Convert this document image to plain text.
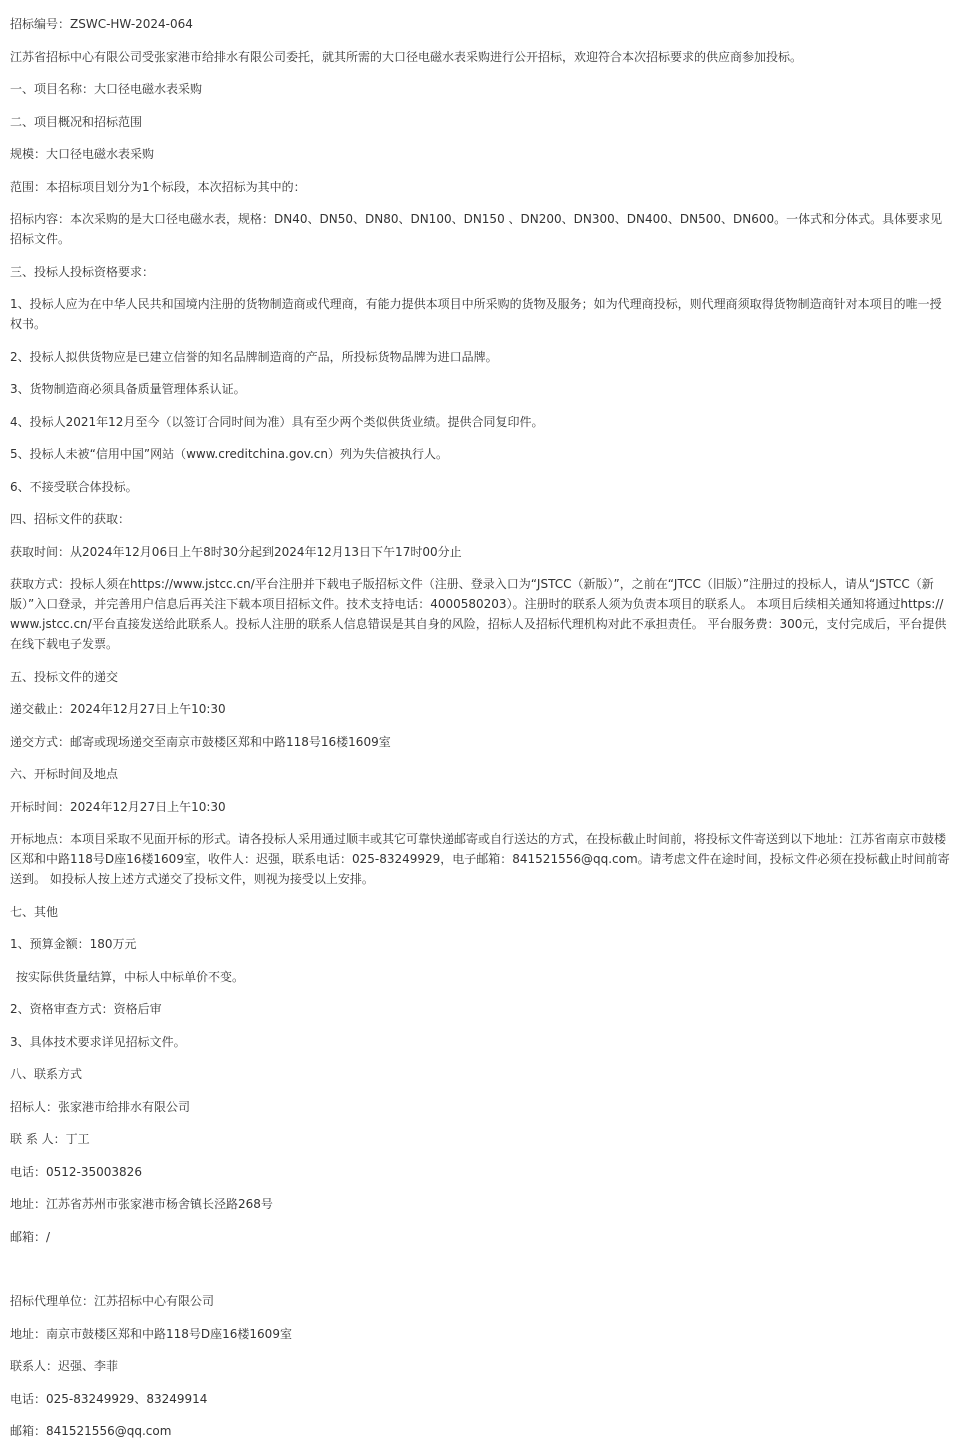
招标编号：ZSWC-HW-2024-064

江苏省招标中心有限公司受张家港市给排水有限公司委托，就其所需的大口径电磁水表采购进行公开招标，欢迎符合本次招标要求的供应商参加投标。

一、项目名称：大口径电磁水表采购

二、项目概况和招标范围

规模：大口径电磁水表采购

范围：本招标项目划分为1个标段，本次招标为其中的：

招标内容：本次采购的是大口径电磁水表，规格：DN40、DN50、DN80、DN100、DN150 、DN200、DN300、DN400、DN500、DN600。一体式和分体式。具体要求见招标文件。

三、投标人投标资格要求：

1、投标人应为在中华人民共和国境内注册的货物制造商或代理商，有能力提供本项目中所采购的货物及服务；如为代理商投标，则代理商须取得货物制造商针对本项目的唯一授权书。

2、投标人拟供货物应是已建立信誉的知名品牌制造商的产品，所投标货物品牌为进口品牌。

3、货物制造商必须具备质量管理体系认证。

4、投标人2021年12月至今（以签订合同时间为准）具有至少两个类似供货业绩。提供合同复印件。

5、投标人未被“信用中国”网站（www.creditchina.gov.cn）列为失信被执行人。

6、不接受联合体投标。

四、招标文件的获取：

获取时间：从2024年12月06日上午8时30分起到2024年12月13日下午17时00分止

获取方式：投标人须在https://www.jstcc.cn/平台注册并下载电子版招标文件（注册、登录入口为“JSTCC（新版）”，之前在“JTCC（旧版）”注册过的投标人，请从“JSTCC（新版）”入口登录，并完善用户信息后再关注下载本项目招标文件。技术支持电话：4000580203）。注册时的联系人须为负责本项目的联系人。 本项目后续相关通知将通过https://www.jstcc.cn/平台直接发送给此联系人。投标人注册的联系人信息错误是其自身的风险，招标人及招标代理机构对此不承担责任。 平台服务费：300元，支付完成后，平台提供在线下载电子发票。

五、投标文件的递交

递交截止：2024年12月27日上午10:30

递交方式：邮寄或现场递交至南京市鼓楼区郑和中路118号16楼1609室

六、开标时间及地点

开标时间：2024年12月27日上午10:30

开标地点：本项目采取不见面开标的形式。请各投标人采用通过顺丰或其它可靠快递邮寄或自行送达的方式，在投标截止时间前，将投标文件寄送到以下地址：江苏省南京市鼓楼区郑和中路118号D座16楼1609室，收件人：迟强，联系电话：025-83249929，电子邮箱：841521556@qq.com。请考虑文件在途时间，投标文件必须在投标截止时间前寄送到。 如投标人按上述方式递交了投标文件，则视为接受以上安排。

七、其他

1、预算金额：180万元

按实际供货量结算，中标人中标单价不变。

2、资格审查方式：资格后审

3、具体技术要求详见招标文件。

八、联系方式

招标人：张家港市给排水有限公司

联 系 人：丁工

电话：0512-35003826

地址：江苏省苏州市张家港市杨舍镇长泾路268号

邮箱：/

招标代理单位：江苏招标中心有限公司

地址：南京市鼓楼区郑和中路118号D座16楼1609室

联系人：迟强、李菲

电话：025-83249929、83249914

邮箱：841521556@qq.com
